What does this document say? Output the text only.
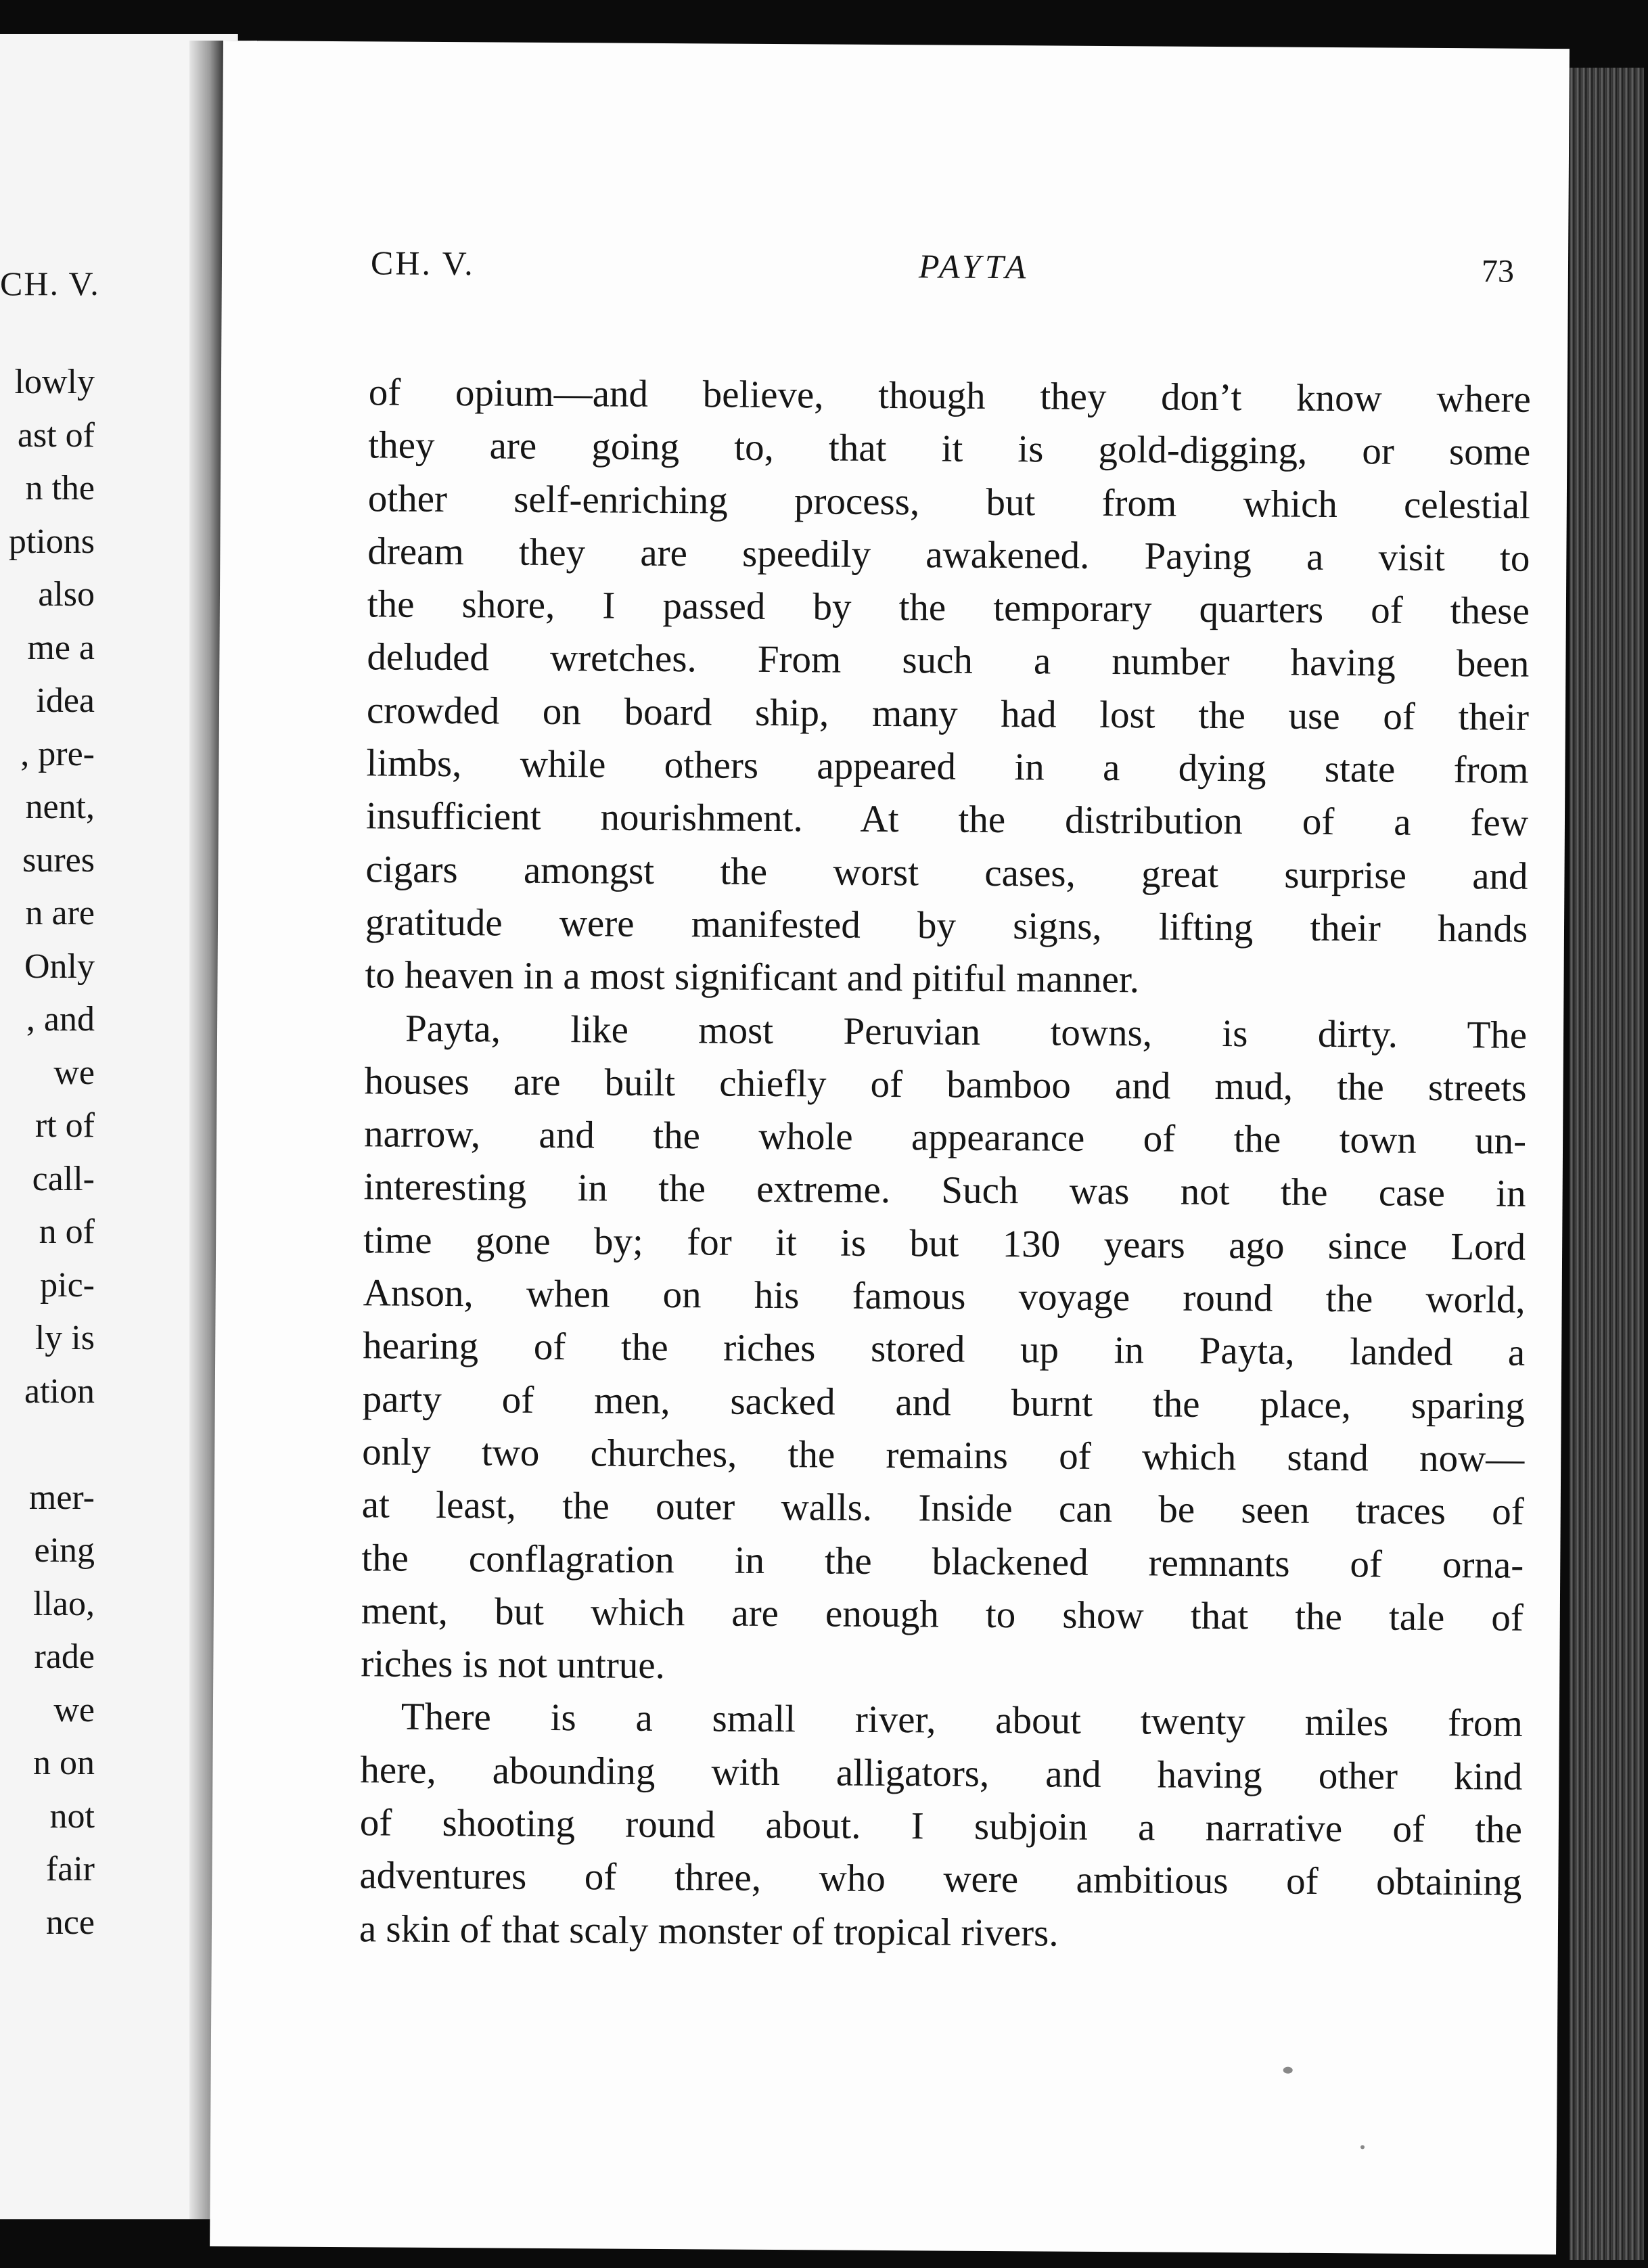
CH. V.
lowly
ast of
n the
ptions
also
me a
idea
, pre-
nent,
sures
n are
Only
, and
we
rt of
call-
n of
pic-
ly is
ation
mer-
eing
llao,
rade
we
n on
not
fair
nce
CH. V.	PAYTA	73
of opium—and believe, though they don’t know where
they are going to, that it is gold-digging, or some
other self-enriching process, but from which celestial
dream they are speedily awakened. Paying a visit to
the shore, I passed by the temporary quarters of these
deluded wretches. From such a number having been
crowded on board ship, many had lost the use of their
limbs, while others appeared in a dying state from
insufficient nourishment. At the distribution of a few
cigars amongst the worst cases, great surprise and
gratitude were manifested by signs, lifting their hands
to heaven in a most significant and pitiful manner.
Payta, like most Peruvian towns, is dirty. The
houses are built chiefly of bamboo and mud, the streets
narrow, and the whole appearance of the town un-
interesting in the extreme. Such was not the case in
time gone by; for it is but 130 years ago since Lord
Anson, when on his famous voyage round the world,
hearing of the riches stored up in Payta, landed a
party of men, sacked and burnt the place, sparing
only two churches, the remains of which stand now—
at least, the outer walls. Inside can be seen traces of
the conflagration in the blackened remnants of orna-
ment, but which are enough to show that the tale of
riches is not untrue.
There is a small river, about twenty miles from
here, abounding with alligators, and having other kind
of shooting round about. I subjoin a narrative of the
adventures of three, who were ambitious of obtaining
a skin of that scaly monster of tropical rivers.
